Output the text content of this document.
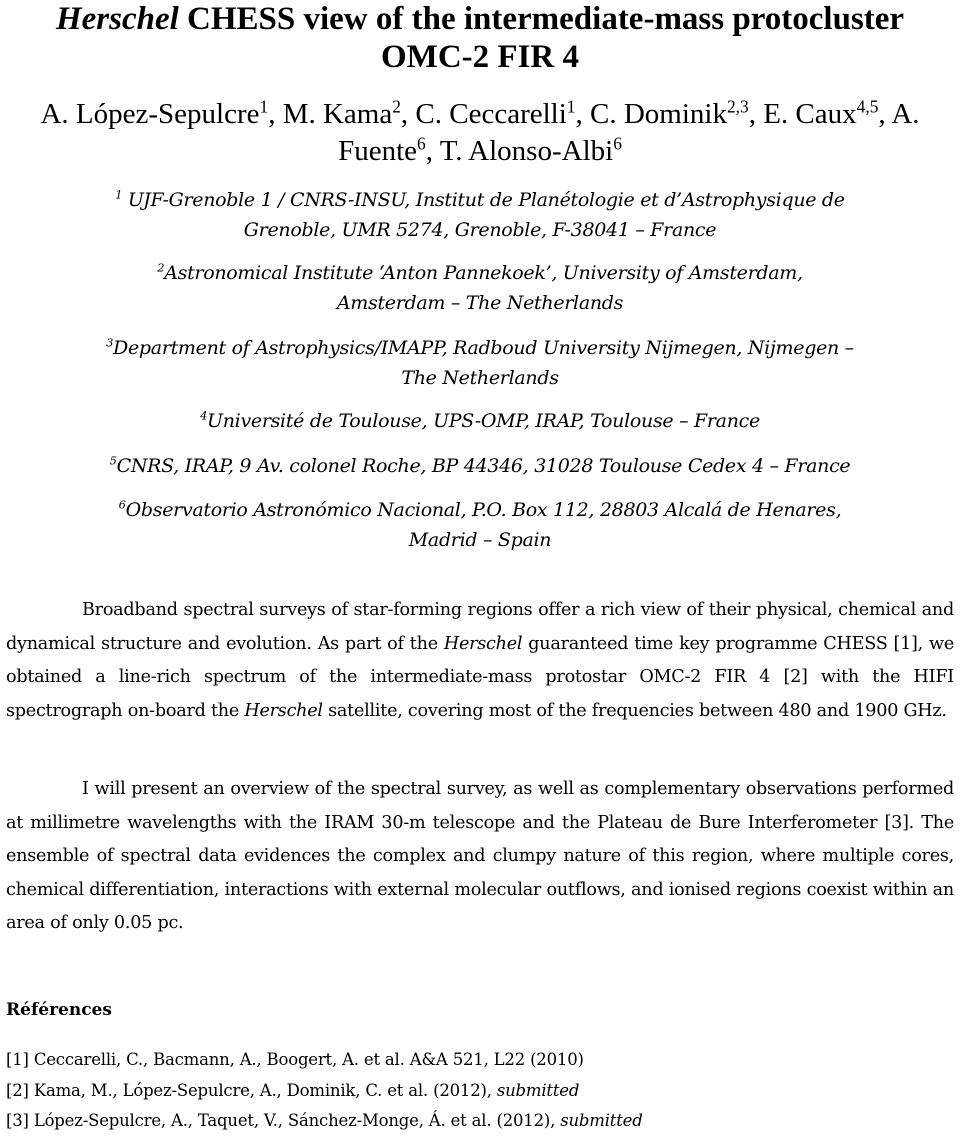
Herschel CHESS view of the intermediate-mass protocluster
OMC-2 FIR 4
A. López-Sepulcre$^1$, M. Kama$^2$, C. Ceccarelli$^1$, C. Dominik$^{2,3}$, E. Caux$^{4,5}$, A. Fuente$^6$, T. Alonso-Albi$^6$
$^1$ UJF-Grenoble 1 / CNRS-INSU, Institut de Planétologie et d’Astrophysique de
Grenoble, UMR 5274, Grenoble, F-38041 – France
$^2$Astronomical Institute ‘Anton Pannekoek’, University of Amsterdam,
Amsterdam – The Netherlands
$^3$Department of Astrophysics/IMAPP, Radboud University Nijmegen, Nijmegen –
The Netherlands
$^4$Université de Toulouse, UPS-OMP, IRAP, Toulouse – France
$^5$CNRS, IRAP, 9 Av. colonel Roche, BP 44346, 31028 Toulouse Cedex 4 – France
$^6$Observatorio Astronómico Nacional, P.O. Box 112, 28803 Alcalá de Henares,
Madrid – Spain

Broadband spectral surveys of star-forming regions offer a rich view of their physical, chemical and dynamical structure and evolution. As part of the Herschel guaranteed time key programme CHESS [1], we obtained a line-rich spectrum of the intermediate-mass protostar OMC-2 FIR 4 [2] with the HIFI spectrograph on-board the Herschel satellite, covering most of the frequencies between 480 and 1900 GHz.

I will present an overview of the spectral survey, as well as complementary observations performed at millimetre wavelengths with the IRAM 30-m telescope and the Plateau de Bure Interferometer [3]. The ensemble of spectral data evidences the complex and clumpy nature of this region, where multiple cores, chemical differentiation, interactions with external molecular outflows, and ionised regions coexist within an area of only 0.05 pc.

Références
[1] Ceccarelli, C., Bacmann, A., Boogert, A. et al. A&A 521, L22 (2010)
[2] Kama, M., López-Sepulcre, A., Dominik, C. et al. (2012), submitted
[3] López-Sepulcre, A., Taquet, V., Sánchez-Monge, Á. et al. (2012), submitted
